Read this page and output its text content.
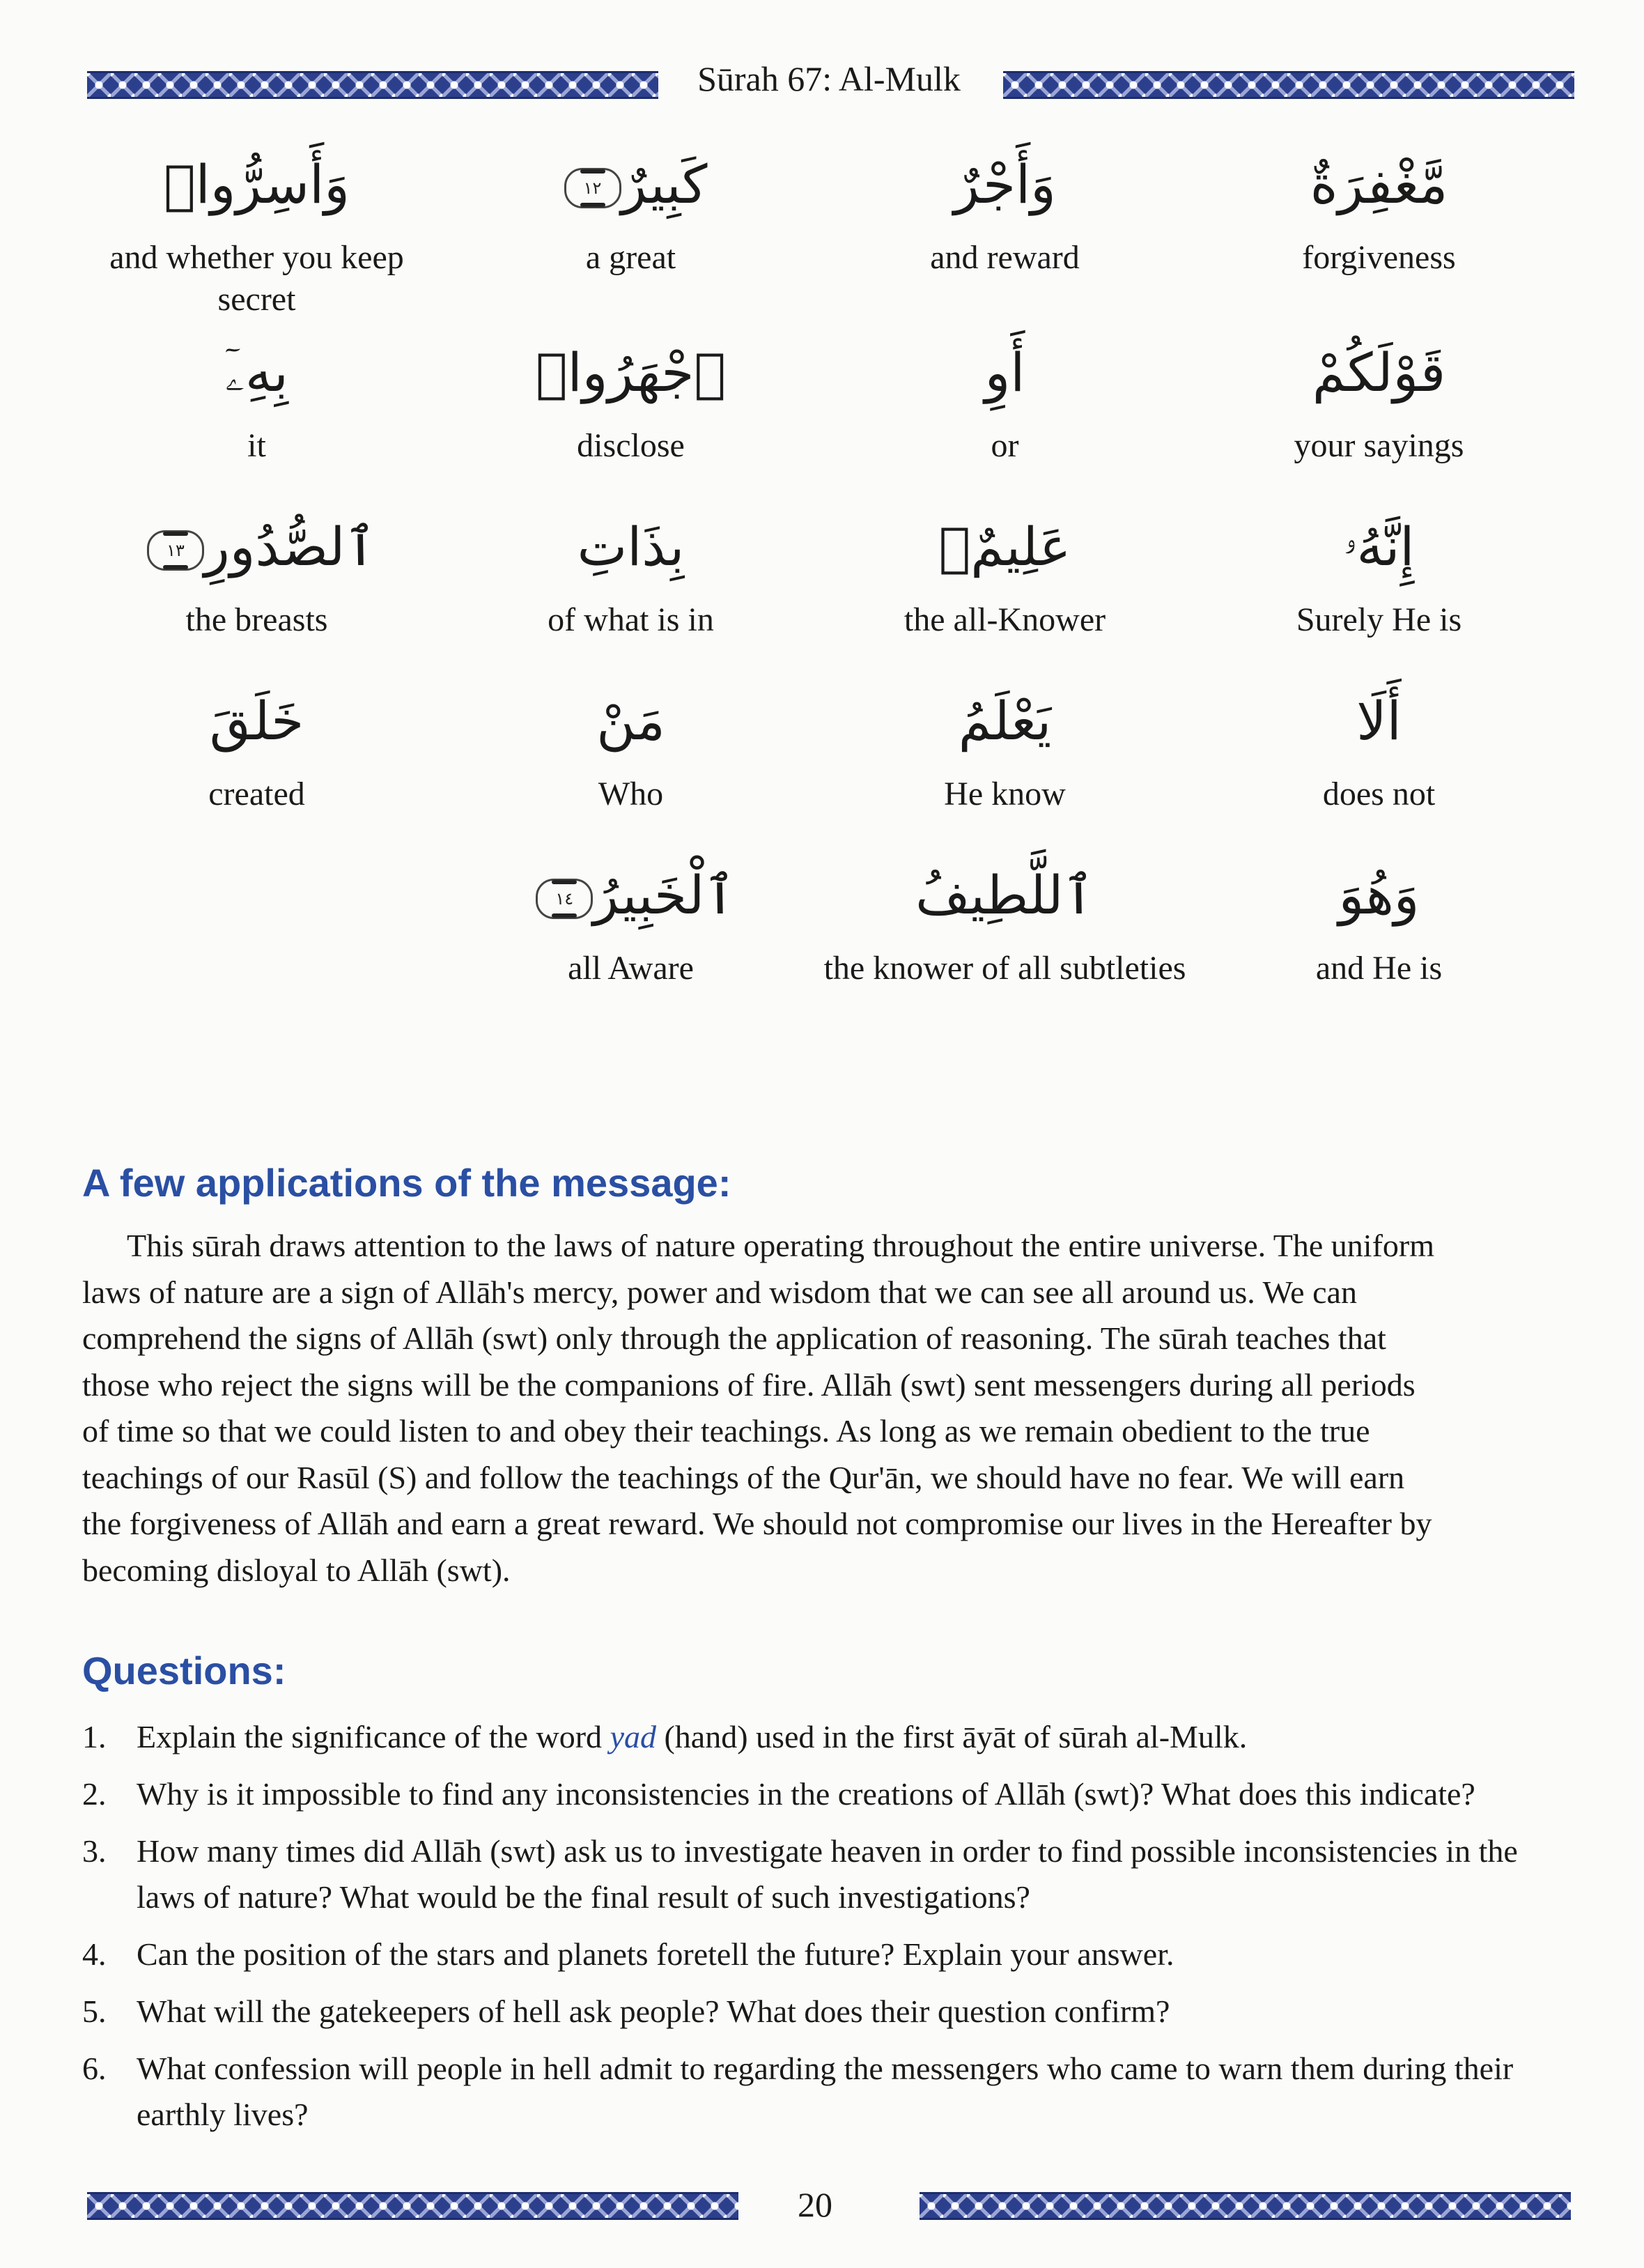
Sūrah 67: Al-Mulk
وَأَسِرُّوا۟
and whether you keep secret
كَبِيرٌ١٢
a great
وَأَجْرٌ
and reward
مَّغْفِرَةٌ
forgiveness
بِهِۦٓ
it
ٱجْهَرُوا۟
disclose
أَوِ
or
قَوْلَكُمْ
your sayings
ٱلصُّدُورِ١٣
the breasts
بِذَاتِ
of what is in
عَلِيمٌۢ
the all-Knower
إِنَّهُۥ
Surely He is
خَلَقَ
created
مَنْ
Who
يَعْلَمُ
He know
أَلَا
does not
ٱلْخَبِيرُ١٤
all Aware
ٱللَّطِيفُ
the knower of all subtleties
وَهُوَ
and He is
A few applications of the message:

This sūrah draws attention to the laws of nature operating throughout the entire universe. The uniform
laws of nature are a sign of Allāh's mercy, power and wisdom that we can see all around us. We can
comprehend the signs of Allāh (swt) only through the application of reasoning. The sūrah teaches that
those who reject the signs will be the companions of fire. Allāh (swt) sent messengers during all periods
of time so that we could listen to and obey their teachings. As long as we remain obedient to the true
teachings of our Rasūl (S) and follow the teachings of the Qur'ān, we should have no fear. We will earn
the forgiveness of Allāh and earn a great reward. We should not compromise our lives in the Hereafter by
becoming disloyal to Allāh (swt).

Questions:
1. Explain the significance of the word yad (hand) used in the first āyāt of sūrah al-Mulk.
2. Why is it impossible to find any inconsistencies in the creations of Allāh (swt)? What does this indicate?
3. How many times did Allāh (swt) ask us to investigate heaven in order to find possible inconsistencies in the laws of nature? What would be the final result of such investigations?
4. Can the position of the stars and planets foretell the future? Explain your answer.
5. What will the gatekeepers of hell ask people? What does their question confirm?
6. What confession will people in hell admit to regarding the messengers who came to warn them during their earthly lives?
20
